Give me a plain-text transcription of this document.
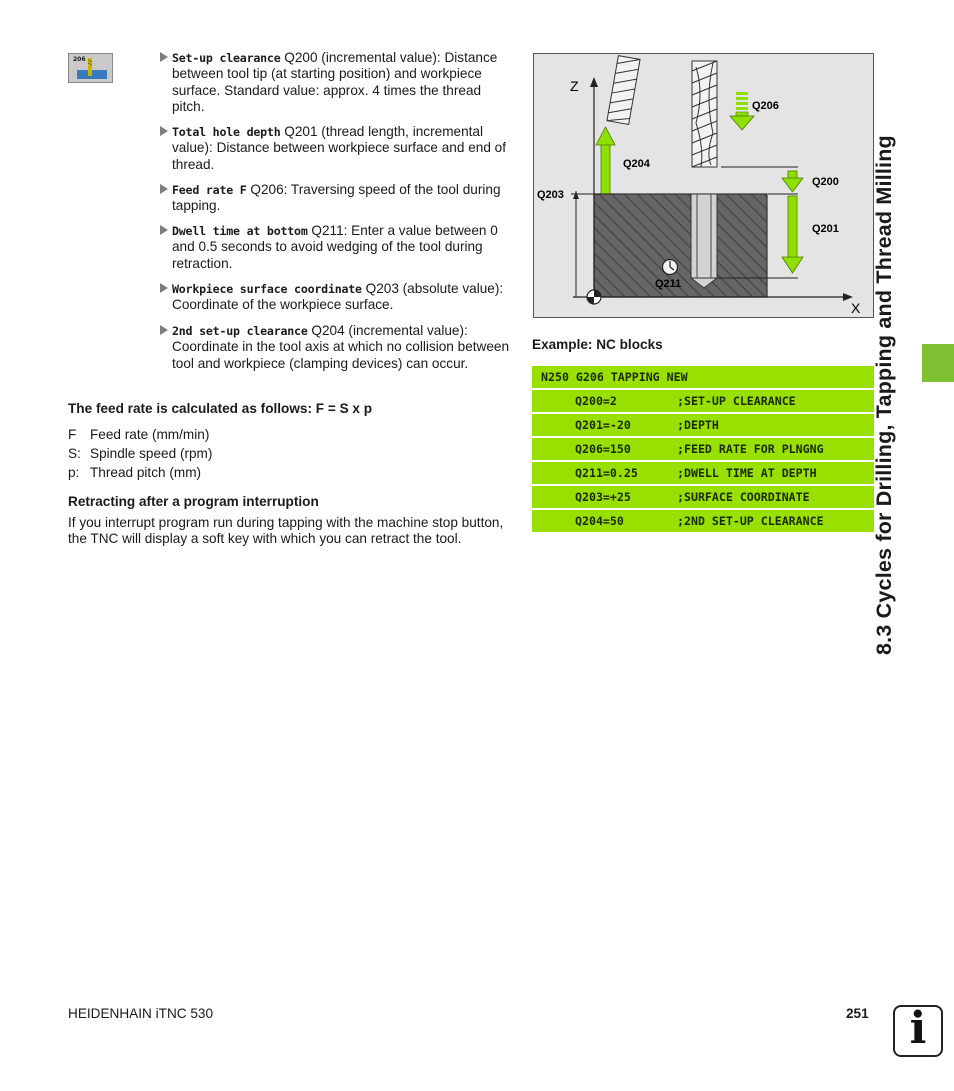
206	Set-up clearance Q200 (incremental value): Distance between tool tip (at starting position) and workpiece surface. Standard value: approx. 4 times the thread pitch.
Total hole depth Q201 (thread length, incremental value): Distance between workpiece surface and end of thread.
Feed rate F Q206: Traversing speed of the tool during tapping.
Dwell time at bottom Q211: Enter a value between 0 and 0.5 seconds to avoid wedging of the tool during retraction.
Workpiece surface coordinate Q203 (absolute value): Coordinate of the workpiece surface.
2nd set-up clearance Q204 (incremental value): Coordinate in the tool axis at which no collision between tool and workpiece (clamping devices) can occur.
The feed rate is calculated as follows: F = S x p
F Feed rate (mm/min)
S: Spindle speed (rpm)
p: Thread pitch (mm)
Retracting after a program interruption
If you interrupt program run during tapping with the machine stop button, the TNC will display a soft key with which you can retract the tool.
Z
X
Q203
Q204
Q206
Q200
Q201
Q211
Example: NC blocks
N250 G206 TAPPING NEW
Q200=2	;SET-UP CLEARANCE
Q201=-20	;DEPTH
Q206=150	;FEED RATE FOR PLNGNG
Q211=0.25	;DWELL TIME AT DEPTH
Q203=+25	;SURFACE COORDINATE
Q204=50	;2ND SET-UP CLEARANCE 8.3 Cycles for Drilling, Tapping and Thread Milling
HEIDENHAIN iTNC 530	251 i
